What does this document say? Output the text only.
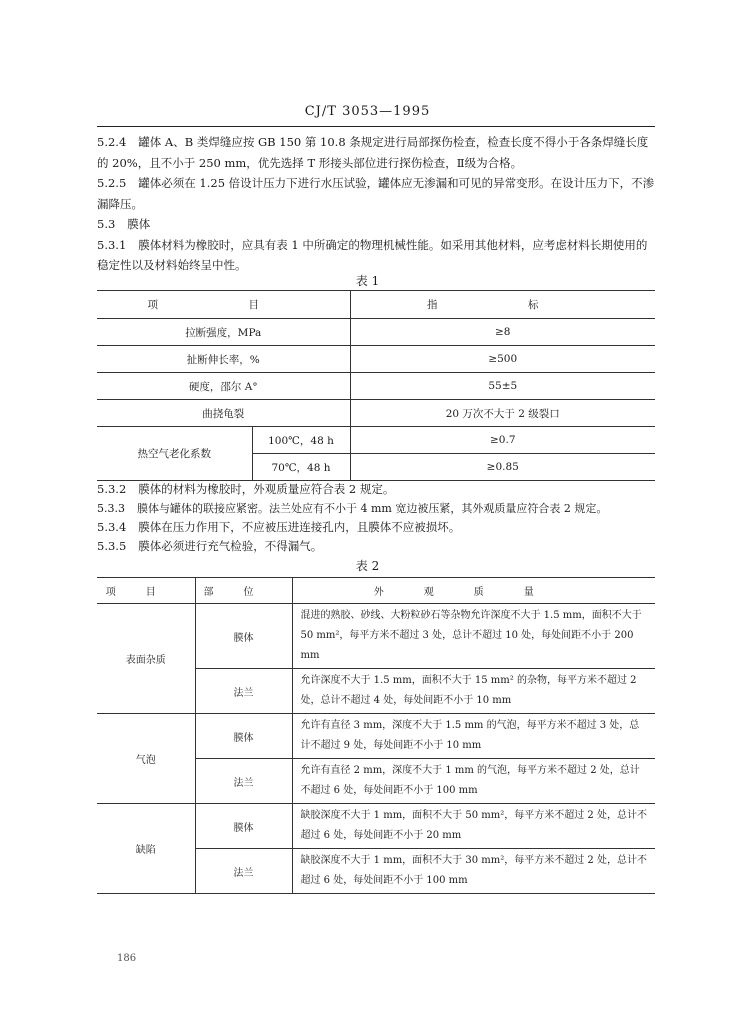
CJ/T 3053—1995

5.2.4 罐体 A、B 类焊缝应按 GB 150 第 10.8 条规定进行局部探伤检查，检查长度不得小于各条焊缝长度的 20%，且不小于 250 mm，优先选择 T 形接头部位进行探伤检查，Ⅱ级为合格。

5.2.5 罐体必须在 1.25 倍设计压力下进行水压试验，罐体应无渗漏和可见的异常变形。在设计压力下，不渗漏降压。

5.3 膜体

5.3.1 膜体材料为橡胶时，应具有表 1 中所确定的物理机械性能。如采用其他材料，应考虑材料长期使用的稳定性以及材料始终呈中性。

表 1
项　目		指　标
拉断强度，MPa		≥8
扯断伸长率，%		≥500
硬度，邵尔 A°		55±5
曲挠龟裂		20 万次不大于 2 级裂口
热空气老化系数	100℃，48 h	≥0.7
	70℃，48 h	≥0.85

5.3.2 膜体的材料为橡胶时，外观质量应符合表 2 规定。

5.3.3 膜体与罐体的联接应紧密。法兰处应有不小于 4 mm 宽边被压紧，其外观质量应符合表 2 规定。

5.3.4 膜体在压力作用下，不应被压进连接孔内，且膜体不应被损坏。

5.3.5 膜体必须进行充气检验，不得漏气。

表 2
项目	部位	外观质量
表面杂质	膜体	混进的熟胶、砂线、大粉粒砂石等杂物允许深度不大于 1.5 mm，面积不大于 50 mm²，每平方米不超过 3 处，总计不超过 10 处，每处间距不小于 200 mm
	法兰	允许深度不大于 1.5 mm，面积不大于 15 mm² 的杂物，每平方米不超过 2 处，总计不超过 4 处，每处间距不小于 10 mm
气泡	膜体	允许有直径 3 mm，深度不大于 1.5 mm 的气泡，每平方米不超过 3 处，总计不超过 9 处，每处间距不小于 10 mm
	法兰	允许有直径 2 mm，深度不大于 1 mm 的气泡，每平方米不超过 2 处，总计不超过 6 处，每处间距不小于 100 mm
缺陷	膜体	缺胶深度不大于 1 mm，面积不大于 50 mm²，每平方米不超过 2 处，总计不超过 6 处，每处间距不小于 20 mm
	法兰	缺胶深度不大于 1 mm，面积不大于 30 mm²，每平方米不超过 2 处，总计不超过 6 处，每处间距不小于 100 mm
186
